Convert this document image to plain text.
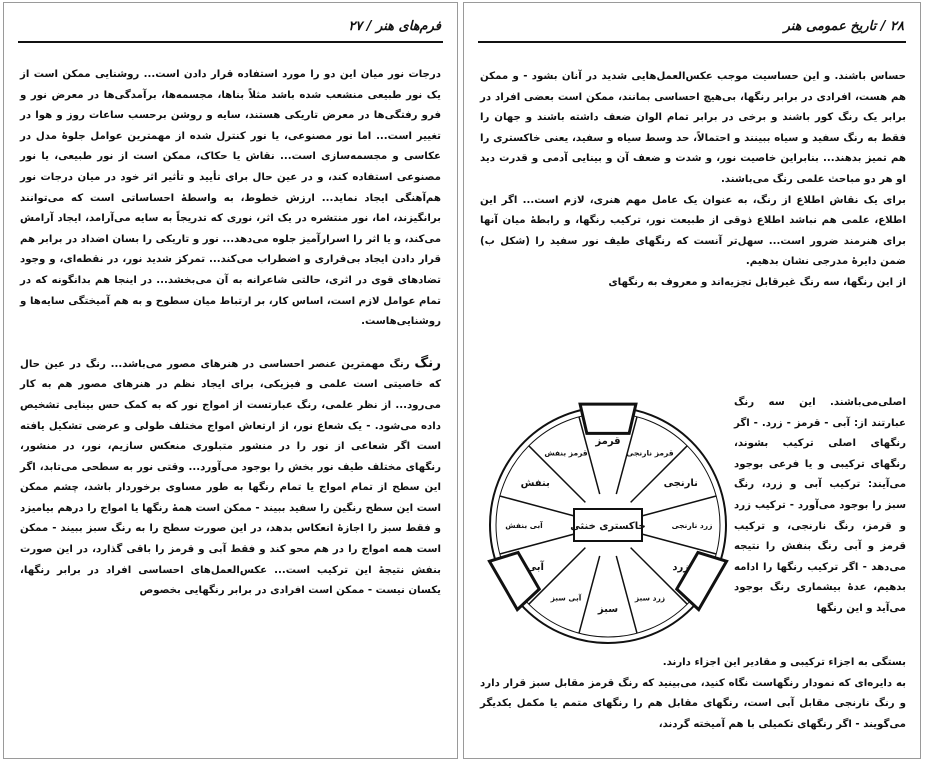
فرم‌های هنر / ۲۷

درجات نور میان این دو را مورد استفاده قرار دادن است... روشنایی ممکن است از یک نور طبیعی منشعب شده باشد مثلاً بناها، مجسمه‌ها، برآمدگی‌ها در معرض نور و فرو رفتگی‌ها در معرض تاریکی هستند، سایه و روشن برحسب ساعات روز و هوا در تغییر است... اما نور مصنوعی، یا نور کنترل شده از مهمترین عوامل جلوهٔ مدل در عکاسی و مجسمه‌سازی است... نقاش یا حکاک، ممکن است از نور طبیعی، یا نور مصنوعی استفاده کند، و در عین حال برای تأیید و تأثیر اثر خود در میان درجات نور هم‌آهنگی ایجاد نماید... ارزش خطوط، به واسطهٔ احساساتی است که می‌توانند برانگیزند، اما، نور منتشره در یک اثر، نوری که تدریجاً به سایه می‌آرامد، ایجاد آرامش می‌کند، و یا اثر را اسرارآمیز جلوه می‌دهد... نور و تاریکی را بسان اضداد در برابر هم قرار دادن ایجاد بی‌قراری و اضطراب می‌کند... تمرکز شدید نور، در نقطه‌ای، و وجود تضادهای قوی در اثری، حالتی شاعرانه به آن می‌بخشد... در اینجا هم بدانگونه که در تمام عوامل لازم است، اساس کار، بر ارتباط میان سطوح و به هم آمیختگی سایه‌ها و روشنایی‌هاست.

رنگ رنگ مهمترین عنصر احساسی در هنرهای مصور می‌باشد... رنگ در عین حال که خاصیتی است علمی و فیزیکی، برای ایجاد نظم در هنرهای مصور هم به کار می‌رود... از نظر علمی، رنگ عبارتست از امواج نور که به کمک حس بینایی تشخیص داده می‌شود. - یک شعاع نور، از ارتعاش امواج مختلف طولی و عرضی تشکیل یافته است اگر شعاعی از نور را در منشور متبلوری منعکس سازیم، نور، در منشور، رنگهای مختلف طیف نور بخش را بوجود می‌آورد... وقتی نور به سطحی می‌تابد، اگر این سطح از تمام امواج یا تمام رنگها به طور مساوی برخوردار باشد، چشم ممکن است این سطح رنگین را سفید ببیند - ممکن است همهٔ رنگها یا امواج را درهم بیامیزد و فقط سبز را اجازهٔ انعکاس بدهد، در این صورت سطح را به رنگ سبز ببیند - ممکن است همه امواج را در هم محو کند و فقط آبی و قرمز را باقی گذارد، در این صورت بنفش نتیجهٔ این ترکیب است... عکس‌العمل‌های احساسی افراد در برابر رنگها، یکسان نیست - ممکن است افرادی در برابر رنگهایی بخصوص

۲۸ / تاریخ عمومی هنر

حساس باشند. و این حساسیت موجب عکس‌العمل‌هایی شدید در آنان بشود - و ممکن هم هست، افرادی در برابر رنگها، بی‌هیچ احساسی بمانند، ممکن است بعضی افراد در برابر یک رنگ کور باشند و برخی در برابر تمام الوان ضعف داشته باشند و جهان را فقط به رنگ سفید و سیاه ببینند و احتمالاً، حد وسط سیاه و سفید، یعنی خاکستری را هم تمیز بدهند... بنابراین خاصیت نور، و شدت و ضعف آن و بینایی آدمی و قدرت دید او هر دو مباحث علمی رنگ می‌باشند.

برای یک نقاش اطلاع از رنگ، به عنوان یک عامل مهم هنری، لازم است... اگر این اطلاع، علمی هم نباشد اطلاع ذوقی از طبیعت نور، ترکیب رنگها، و رابطهٔ میان آنها برای هنرمند ضرور است... سهل‌تر آنست که رنگهای طیف نور سفید را (شکل ب) ضمن دایرهٔ مدرجی نشان بدهیم.

از این رنگها، سه رنگ غیرقابل تجزیه‌اند و معروف به رنگهای

اصلی‌می‌باشند. این سه رنگ عبارتند از: آبی - قرمز - زرد. - اگر رنگهای اصلی ترکیب بشوند، رنگهای ترکیبی و یا فرعی بوجود می‌آیند: ترکیب آبی و زرد، رنگ سبز را بوجود می‌آورد - ترکیب زرد و قرمز، رنگ نارنجی، و ترکیب قرمز و آبی رنگ بنفش را نتیجه می‌دهد - اگر ترکیب رنگها را ادامه بدهیم، عدهٔ بیشماری رنگ بوجود می‌آید و این رنگها
قرمز
قرمز نارنجی
نارنجی
زرد نارنجی
زرد
زرد سبز
سبز
آبی سبز
آبی
آبی بنفش
بنفش
قرمز بنفش
خاکستری خنثی

بستگی به اجزاء ترکیبی و مقادیر این اجزاء دارند.

به دایره‌ای که نمودار رنگهاست نگاه کنید، می‌بینید که رنگ قرمز مقابل سبز قرار دارد و رنگ نارنجی مقابل آبی است، رنگهای مقابل هم را رنگهای متمم یا مکمل یکدیگر می‌گویند - اگر رنگهای تکمیلی با هم آمیخته گردند،
